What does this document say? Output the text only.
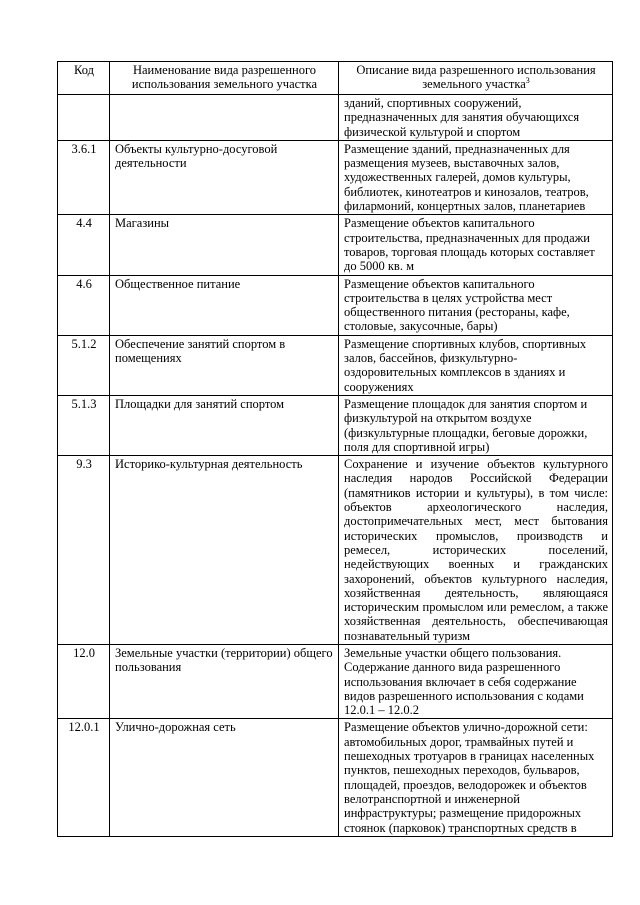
Код	Наименование вида разрешенного использования земельного участка	Описание вида разрешенного использования земельного участка$^3$
		зданий, спортивных сооружений, предназначенных для занятия обучающихся физической культурой и спортом
3.6.1	Объекты культурно-досуговой деятельности	Размещение зданий, предназначенных для размещения музеев, выставочных залов, художественных галерей, домов культуры, библиотек, кинотеатров и кинозалов, театров, филармоний, концертных залов, планетариев
4.4	Магазины	Размещение объектов капитального строительства, предназначенных для продажи товаров, торговая площадь которых составляет до 5000 кв. м
4.6	Общественное питание	Размещение объектов капитального строительства в целях устройства мест общественного питания (рестораны, кафе, столовые, закусочные, бары)
5.1.2	Обеспечение занятий спортом в помещениях	Размещение спортивных клубов, спортивных залов, бассейнов, физкультурно-оздоровительных комплексов в зданиях и сооружениях
5.1.3	Площадки для занятий спортом	Размещение площадок для занятия спортом и физкультурой на открытом воздухе (физкультурные площадки, беговые дорожки, поля для спортивной игры)
9.3	Историко-культурная деятельность	Сохранение и изучение объектов культурного наследия народов Российской Федерации (памятников истории и культуры), в том числе: объектов археологического наследия, достопримечательных мест, мест бытования исторических промыслов, производств и ремесел, исторических поселений, недействующих военных и гражданских захоронений, объектов культурного наследия, хозяйственная деятельность, являющаяся историческим промыслом или ремеслом, а также хозяйственная деятельность, обеспечивающая познавательный туризм
12.0	Земельные участки (территории) общего пользования	Земельные участки общего пользования. Содержание данного вида разрешенного использования включает в себя содержание видов разрешенного использования с кодами 12.0.1 – 12.0.2
12.0.1	Улично-дорожная сеть	Размещение объектов улично-дорожной сети: автомобильных дорог, трамвайных путей и пешеходных тротуаров в границах населенных пунктов, пешеходных переходов, бульваров, площадей, проездов, велодорожек и объектов велотранспортной и инженерной инфраструктуры; размещение придорожных стоянок (парковок) транспортных средств в
